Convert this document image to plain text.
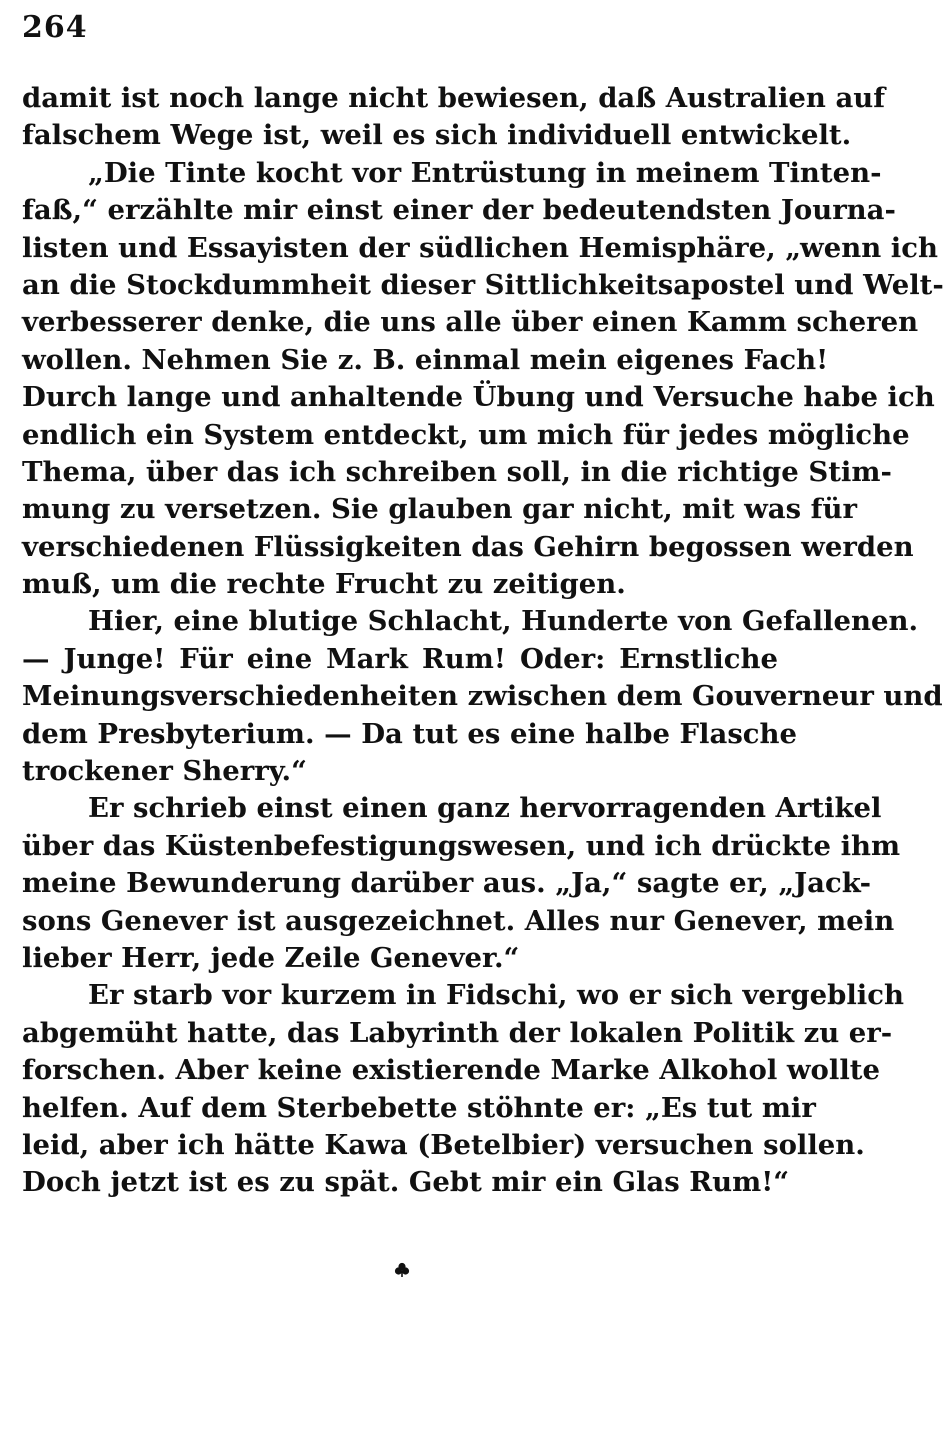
264
damit ist noch lange nicht bewiesen, daß Australien auf
falschem Wege ist, weil es sich individuell entwickelt.
„Die Tinte kocht vor Entrüstung in meinem Tinten-
faß,“ erzählte mir einst einer der bedeutendsten Journa-
listen und Essayisten der südlichen Hemisphäre, „wenn ich
an die Stockdummheit dieser Sittlichkeitsapostel und Welt-
verbesserer denke, die uns alle über einen Kamm scheren
wollen. Nehmen Sie z. B. einmal mein eigenes Fach!
Durch lange und anhaltende Übung und Versuche habe ich
endlich ein System entdeckt, um mich für jedes mögliche
Thema, über das ich schreiben soll, in die richtige Stim-
mung zu versetzen. Sie glauben gar nicht, mit was für
verschiedenen Flüssigkeiten das Gehirn begossen werden
muß, um die rechte Frucht zu zeitigen.
Hier, eine blutige Schlacht, Hunderte von Gefallenen.
— Junge! Für eine Mark Rum! Oder: Ernstliche
Meinungsverschiedenheiten zwischen dem Gouverneur und
dem Presbyterium. — Da tut es eine halbe Flasche
trockener Sherry.“
Er schrieb einst einen ganz hervorragenden Artikel
über das Küstenbefestigungswesen, und ich drückte ihm
meine Bewunderung darüber aus. „Ja,“ sagte er, „Jack-
sons Genever ist ausgezeichnet. Alles nur Genever, mein
lieber Herr, jede Zeile Genever.“
Er starb vor kurzem in Fidschi, wo er sich vergeblich
abgemüht hatte, das Labyrinth der lokalen Politik zu er-
forschen. Aber keine existierende Marke Alkohol wollte
helfen. Auf dem Sterbebette stöhnte er: „Es tut mir
leid, aber ich hätte Kawa (Betelbier) versuchen sollen.
Doch jetzt ist es zu spät. Gebt mir ein Glas Rum!“
